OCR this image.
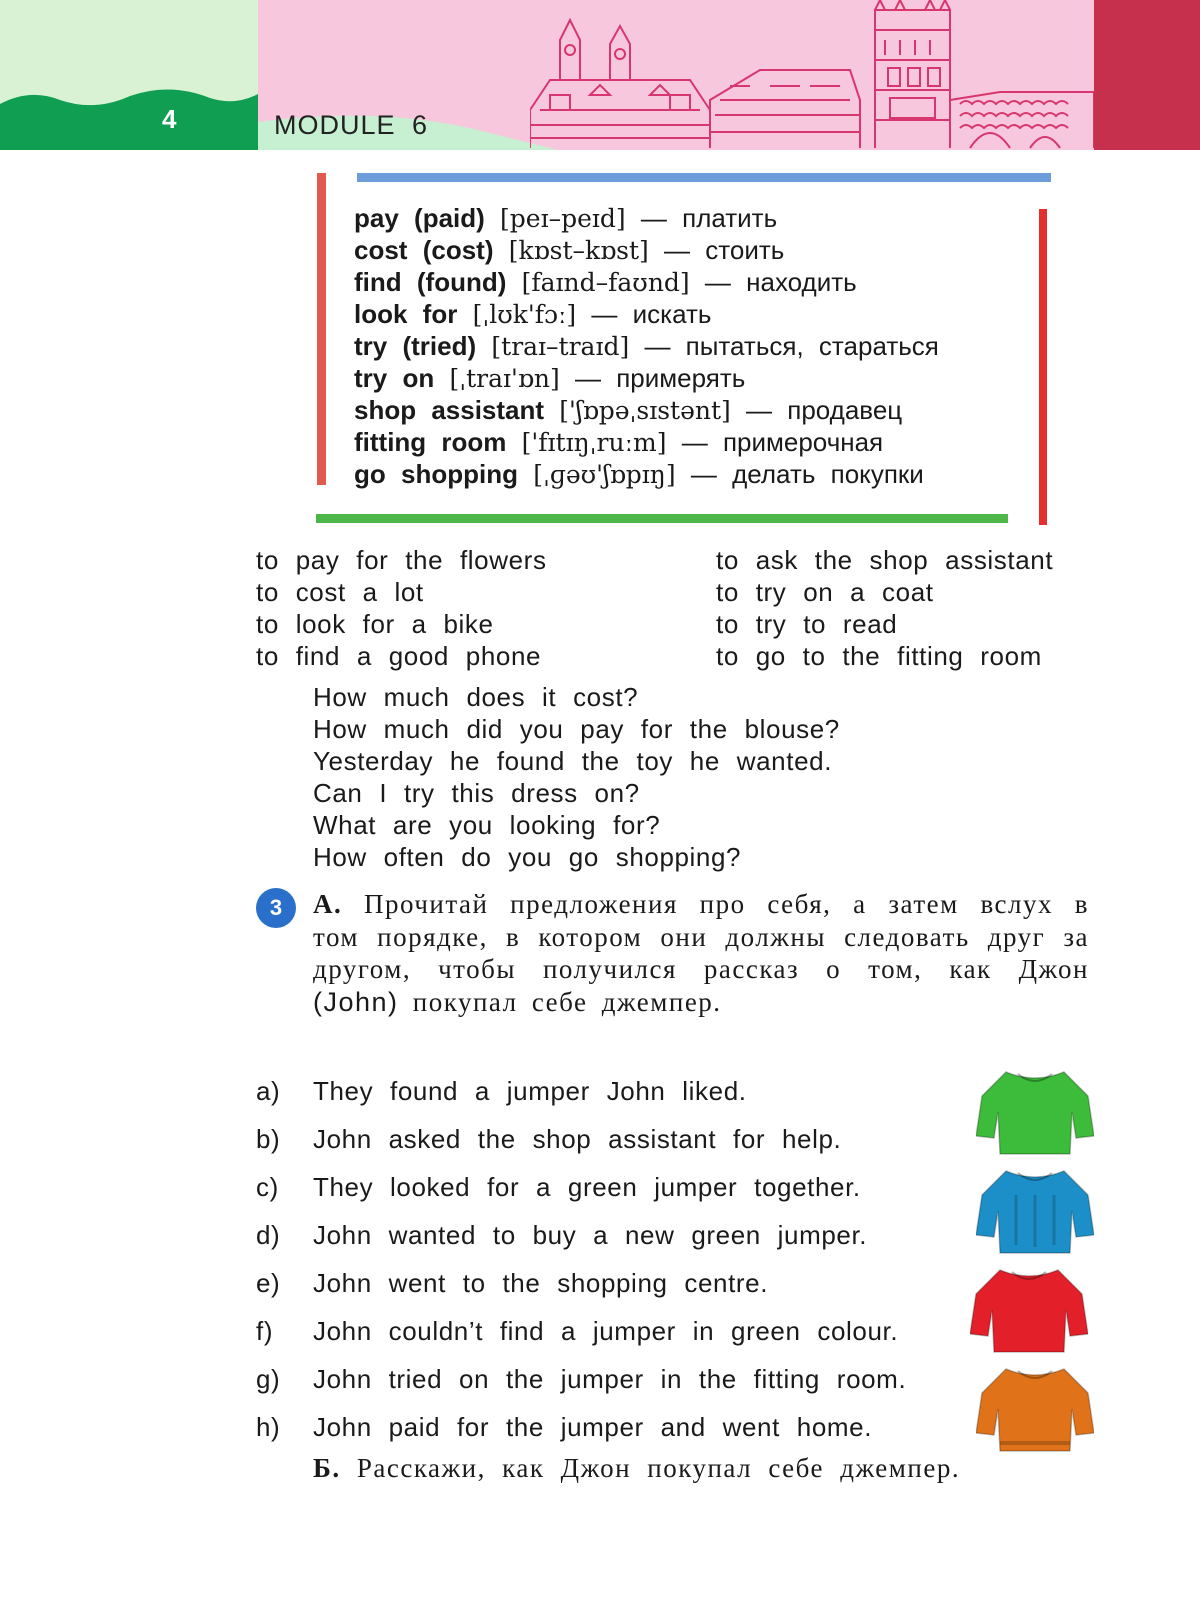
4	MODULE 6
pay (paid) [peɪ–peɪd] — платить
cost (cost) [kɒst–kɒst] — стоить
find (found) [faɪnd–faʊnd] — находить
look for [ˌlʊk'fɔː] — искать
try (tried) [traɪ–traɪd] — пытаться, стараться
try on [ˌtraɪ'ɒn] — примерять
shop assistant ['ʃɒpəˌsɪstənt] — продавец
fitting room ['fɪtɪŋˌruːm] — примерочная
go shopping [ˌɡəʊ'ʃɒpɪŋ] — делать покупки
to pay for the flowers
to cost a lot
to look for a bike
to find a good phone
to ask the shop assistant
to try on a coat
to try to read
to go to the fitting room
How much does it cost?
How much did you pay for the blouse?
Yesterday he found the toy he wanted.
Can I try this dress on?
What are you looking for?
How often do you go shopping?
3	А. Прочитай предложения про себя, а затем вслух в том порядке, в котором они должны следовать друг за другом, чтобы получился рассказ о том, как Джон (John) покупал себе джемпер.

a) They found a jumper John liked.
b) John asked the shop assistant for help.
c) They looked for a green jumper together.
d) John wanted to buy a new green jumper.
e) John went to the shopping centre.
f) John couldn’t find a jumper in green colour.
g) John tried on the jumper in the fitting room.
h) John paid for the jumper and went home.
Б. Расскажи, как Джон покупал себе джемпер.
